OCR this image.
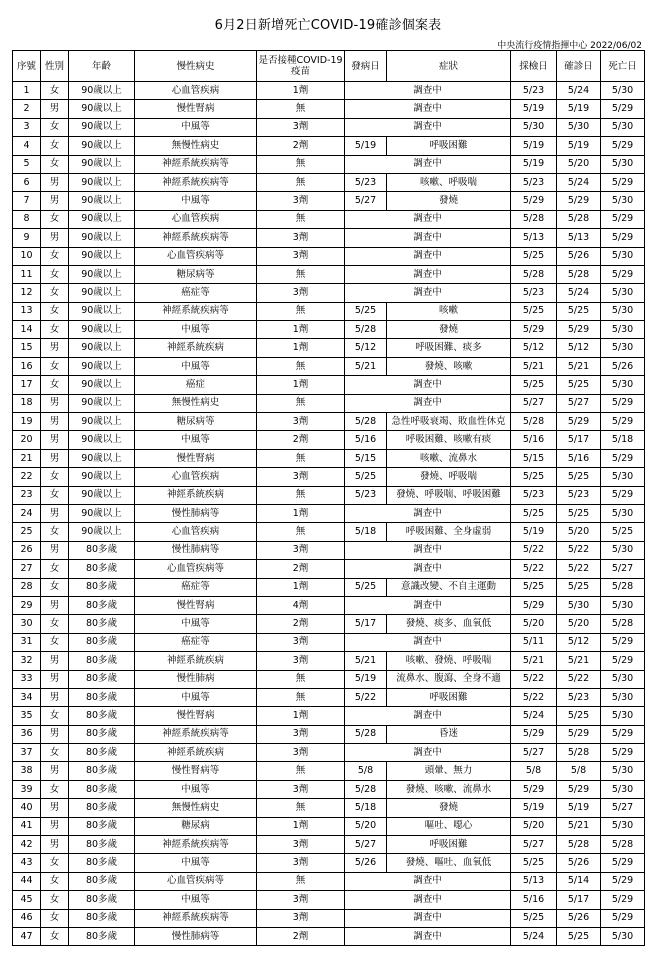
6月2日新增死亡COVID-19確診個案表
中央流行疫情指揮中心 2022/06/02
序號	性別	年齡	慢性病史	是否接種COVID-19疫苗	發病日	症狀	採檢日	確診日	死亡日
1	女	90歲以上	心血管疾病	1劑	調查中		5/23	5/24	5/30
2	男	90歲以上	慢性腎病	無	調查中		5/19	5/19	5/29
3	女	90歲以上	中風等	3劑	調查中		5/30	5/30	5/30
4	女	90歲以上	無慢性病史	2劑	5/19	呼吸困難	5/19	5/19	5/29
5	女	90歲以上	神經系統疾病等	無	調查中		5/19	5/20	5/30
6	男	90歲以上	神經系統疾病等	無	5/23	咳嗽、呼吸喘	5/23	5/24	5/29
7	男	90歲以上	中風等	3劑	5/27	發燒	5/29	5/29	5/30
8	女	90歲以上	心血管疾病	無	調查中		5/28	5/28	5/29
9	男	90歲以上	神經系統疾病等	3劑	調查中		5/13	5/13	5/29
10	女	90歲以上	心血管疾病等	3劑	調查中		5/25	5/26	5/30
11	女	90歲以上	糖尿病等	無	調查中		5/28	5/28	5/29
12	女	90歲以上	癌症等	3劑	調查中		5/23	5/24	5/30
13	女	90歲以上	神經系統疾病等	無	5/25	咳嗽	5/25	5/25	5/30
14	女	90歲以上	中風等	1劑	5/28	發燒	5/29	5/29	5/30
15	男	90歲以上	神經系統疾病	1劑	5/12	呼吸困難、痰多	5/12	5/12	5/30
16	女	90歲以上	中風等	無	5/21	發燒、咳嗽	5/21	5/21	5/26
17	女	90歲以上	癌症	1劑	調查中		5/25	5/25	5/30
18	男	90歲以上	無慢性病史	無	調查中		5/27	5/27	5/29
19	男	90歲以上	糖尿病等	3劑	5/28	急性呼吸衰竭、敗血性休克	5/28	5/29	5/29
20	男	90歲以上	中風等	2劑	5/16	呼吸困難、咳嗽有痰	5/16	5/17	5/18
21	男	90歲以上	慢性腎病	無	5/15	咳嗽、流鼻水	5/15	5/16	5/29
22	女	90歲以上	心血管疾病	3劑	5/25	發燒、呼吸喘	5/25	5/25	5/30
23	女	90歲以上	神經系統疾病	無	5/23	發燒、呼吸喘、呼吸困難	5/23	5/23	5/29
24	男	90歲以上	慢性肺病等	1劑	調查中		5/25	5/25	5/30
25	女	90歲以上	心血管疾病	無	5/18	呼吸困難、全身虛弱	5/19	5/20	5/25
26	男	80多歲	慢性肺病等	3劑	調查中		5/22	5/22	5/30
27	女	80多歲	心血管疾病等	2劑	調查中		5/22	5/22	5/27
28	女	80多歲	癌症等	1劑	5/25	意識改變、不自主運動	5/25	5/25	5/28
29	男	80多歲	慢性腎病	4劑	調查中		5/29	5/30	5/30
30	女	80多歲	中風等	2劑	5/17	發燒、痰多、血氧低	5/20	5/20	5/28
31	女	80多歲	癌症等	3劑	調查中		5/11	5/12	5/29
32	男	80多歲	神經系統疾病	3劑	5/21	咳嗽、發燒、呼吸喘	5/21	5/21	5/29
33	男	80多歲	慢性肺病	無	5/19	流鼻水、腹瀉、全身不適	5/22	5/22	5/30
34	男	80多歲	中風等	無	5/22	呼吸困難	5/22	5/23	5/30
35	女	80多歲	慢性腎病	1劑	調查中		5/24	5/25	5/30
36	男	80多歲	神經系統疾病等	3劑	5/28	昏迷	5/29	5/29	5/29
37	女	80多歲	神經系統疾病	3劑	調查中		5/27	5/28	5/29
38	男	80多歲	慢性腎病等	無	5/8	頭暈、無力	5/8	5/8	5/30
39	女	80多歲	中風等	3劑	5/28	發燒、咳嗽、流鼻水	5/29	5/29	5/30
40	男	80多歲	無慢性病史	無	5/18	發燒	5/19	5/19	5/27
41	男	80多歲	糖尿病	1劑	5/20	嘔吐、噁心	5/20	5/21	5/30
42	男	80多歲	神經系統疾病等	3劑	5/27	呼吸困難	5/27	5/28	5/28
43	女	80多歲	中風等	3劑	5/26	發燒、嘔吐、血氧低	5/25	5/26	5/29
44	女	80多歲	心血管疾病等	無	調查中		5/13	5/14	5/29
45	女	80多歲	中風等	3劑	調查中		5/16	5/17	5/29
46	女	80多歲	神經系統疾病等	3劑	調查中		5/25	5/26	5/29
47	女	80多歲	慢性肺病等	2劑	調查中		5/24	5/25	5/30
